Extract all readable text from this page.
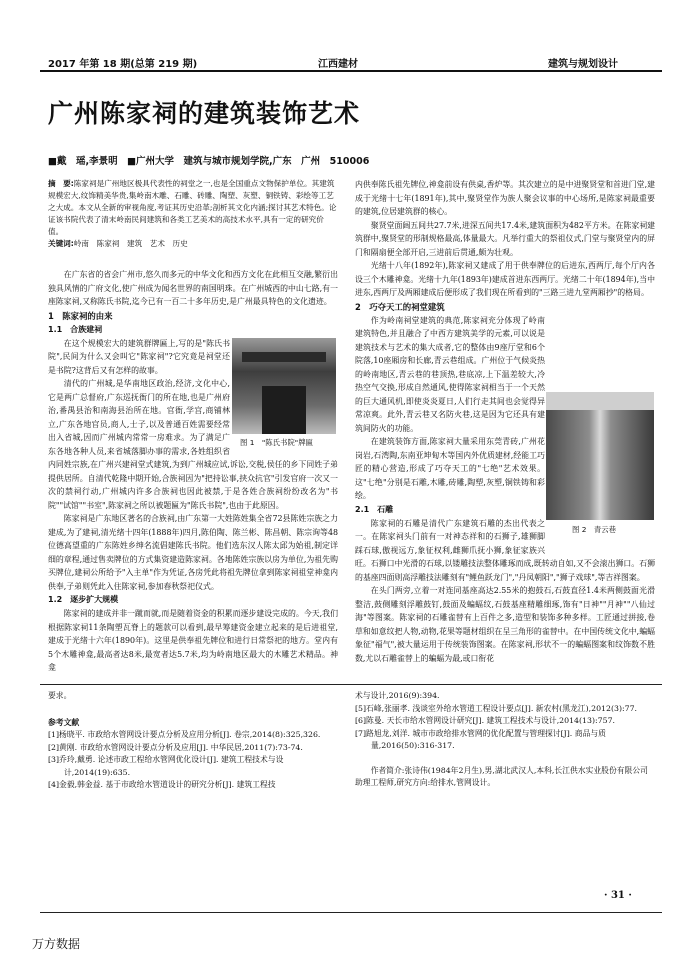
2017 年第 18 期(总第 219 期)	江西建材	建筑与规划设计
广州陈家祠的建筑装饰艺术
■戴　瑶,李景明　■广州大学　建筑与城市规划学院,广东　广州　510006
摘　要:陈家祠是广州地区极具代表性的祠堂之一,也是全国重点文物保护单位。其建筑规模宏大,纹饰精美华贵,集岭南木雕、石雕、砖雕、陶塑、灰塑、铜铁铸、彩绘等工艺之大成。本文从全新的审视角度,考证其历史沿革;剖析其文化内涵;探讨其艺术特色。论证该书院代表了清末岭南民间建筑和各类工艺美术的高技术水平,具有一定的研究价值。
关键词:岭南　陈家祠　建筑　艺术　历史

在广东省的省会广州市,悠久而多元的中华文化和西方文化在此相互交融,繁衍出独具风情的广府文化,使广州成为闻名世界的南国明珠。在广州城西的中山七路,有一座陈家祠,又称陈氏书院,迄今已有一百二十多年历史,是广州最具特色的文化遗迹。

1　陈家祠的由来

1.1　合族建祠

在这个规模宏大的建筑群牌匾上,写的是"陈氏书院",民间为什么又会叫它"陈家祠"?它究竟是祠堂还是书院?这背后又有怎样的故事。

清代的广州城,是华南地区政治,经济,文化中心,它是两广总督府,广东巡抚衙门的所在地,也是广州府治,番禺县治和南海县治所在地。官衙,学宫,商铺林立,广东各地官员,商人,士子,以及普通百姓需要经常出入省城,因而广州城内常常一房难求。为了满足广东各地各种人员,来省城落脚办事的需求,各姓组织省内同姓宗族,在广州兴建祠堂式建筑,为到广州城应试,诉讼,交税,侯任的乡下同姓子弟提供居所。自清代乾隆中期开始,合族祠因为"把持讼事,挟众抗官"引发官府一次又一次的禁祠行动,广州城内许多合族祠也因此被禁,于是各姓合族祠纷纷改名为"书院""试馆""书室",陈家祠之所以被题匾为"陈氏书院",也由于此原因。

陈家祠是广东地区著名的合族祠,由广东第一大姓陈姓集全省72县陈姓宗族之力建成,为了建祠,清光绪十四年(1888年)四月,陈伯陶、陈兰彬、陈昌朝、陈宗询等48位德高望重的广东陈姓乡绅名流倡建陈氏书院。他们选东汉人陈太邱为始祖,制定详细的章程,通过售卖牌位的方式集资建造陈家祠。各地陈姓宗族以房为单位,为祖先购买牌位,建祠公所给予"入主单"作为凭证,各房凭此将祖先牌位拿到陈家祠祖堂神龛内供奉,子弟则凭此入住陈家祠,参加春秋祭祀仪式。

1.2　逐步扩大规模

陈家祠的建成并非一蹴而就,而是随着资金的积累而逐步建设完成的。今天,我们根据陈家祠11条陶塑瓦脊上的题款可以看到,最早筹建资金建立起来的是后进祖堂,建成于光绪十六年(1890年)。这里是供奉祖先牌位和进行日常祭祀的地方。堂内有5个木雕神龛,最高者达8米,最宽者达5.7米,均为岭南地区最大的木雕艺术精品。神龛

图 1　"陈氏书院"牌匾

内供奉陈氏祖先牌位,神龛前设有供桌,香炉等。其次建立的是中进聚贤堂和首进门堂,建成于光绪十七年(1891年),其中,聚贤堂作为族人聚会议事的中心场所,是陈家祠最重要的建筑,位居建筑群的核心。

聚贤堂面阔五间共27.7米,进深五间共17.4米,建筑面积为482平方米。在陈家祠建筑群中,聚贤堂的形制规格最高,体量最大。凡举行重大的祭祖仪式,门堂与聚贤堂内的屏门和隔扇便全部开启,三进前后贯通,颇为壮观。

光绪十八年(1892年),陈家祠又建成了用于供奉牌位的后进东,西两厅,每个厅内各设三个木雕神龛。光绪十九年(1893年)建成首进东西两厅。光绪二十年(1894年),当中进东,西两厅及两厢建成后便形成了我们现在所看到的"三路三进九堂两厢抄"的格局。

2　巧夺天工的祠堂建筑

作为岭南祠堂建筑的典范,陈家祠充分体现了岭南建筑特色,并且融合了中西方建筑美学的元素,可以说是建筑技术与艺术的集大成者,它的整体由9座厅堂和6个院落,10座厢房和长廊,青云巷组成。广州位于气候炎热的岭南地区,青云巷的巷顶热,巷底凉,上下温差较大,冷热空气交换,形成自然通风,使得陈家祠相当于一个天然的巨大通风机,即使炎炎夏日,人们行走其间也会觉得异常凉爽。此外,青云巷又名防火巷,这是因为它还具有建筑间防火的功能。

在建筑装饰方面,陈家祠大量采用东莞青砖,广州花岗岩,石湾陶,东南亚坤甸木等国内外优质建材,经能工巧匠的精心营造,形成了巧夺天工的"七绝"艺术效果。这"七绝"分别是石雕,木雕,砖雕,陶塑,灰塑,铜铁铸和彩绘。

2.1　石雕

陈家祠的石雕是清代广东建筑石雕的杰出代表之一。在陈家祠头门前有一对神态祥和的石狮子,雄狮脚踩石球,傲视远方,象征权利,雌狮爪抚小狮,象征家族兴旺。石狮口中光滑的石球,以镂雕技法整体雕琢而成,既转动自如,又不会滚出狮口。石狮的基座四面则高浮雕技法雕刻有"鲤鱼跃龙门","丹凤朝阳","狮子戏球",等吉祥图案。

在头门两旁,立着一对连同基座高达2.55米的抱鼓石,石鼓直径1.4米两侧鼓面光滑整洁,鼓侧雕刻浮雕鼓钉,鼓面及蝙蝠纹,石鼓基座精雕细琢,饰有"日神""月神""八仙过海"等图案。陈家祠的石雕雀替有上百件之多,造型和装饰多种多样。工匠通过拼接,卷草和如意纹把人物,动物,花果等题材组织在呈三角形的雀替中。在中国传统文化中,蝙蝠象征"福气",被大量运用于传统装饰图案。在陈家祠,形状不一的蝙蝠图案和纹饰数不胜数,尤以石雕雀替上的蝙蝠为最,或口衔花

图 2　青云巷
要求。
参考文献
[1]杨晓平. 市政给水管网设计要点分析及应用分析[J]. 卷宗,2014(8):325,326.
[2]黄刚. 市政给水管网设计要点分析及应用[J]. 中华民居,2011(7):73-74.
[3]乔玲,戴勇. 论述市政工程给水管网优化设计[J]. 建筑工程技术与设计,2014(19):635.
[4]金毅,韩金益. 基于市政给水管道设计的研究分析[J]. 建筑工程技
术与设计,2016(9):394.
[5]石峰,张丽孝. 浅谈室外给水管道工程设计要点[J]. 新农村(黑龙江),2012(3):77.
[6]陈曼. 天长市给水管网设计研究[J]. 建筑工程技术与设计,2014(13):757.
[7]路旭龙,刘洋. 城市市政给排水管网的优化配置与管理探讨[J]. 商品与质量,2016(50):316-317.
作者简介:张诗伟(1984年2月生),男,湖北武汉人,本科,长江供水实业股份有限公司助理工程师,研究方向:给排水,管网设计。
· 31 ·
万方数据
